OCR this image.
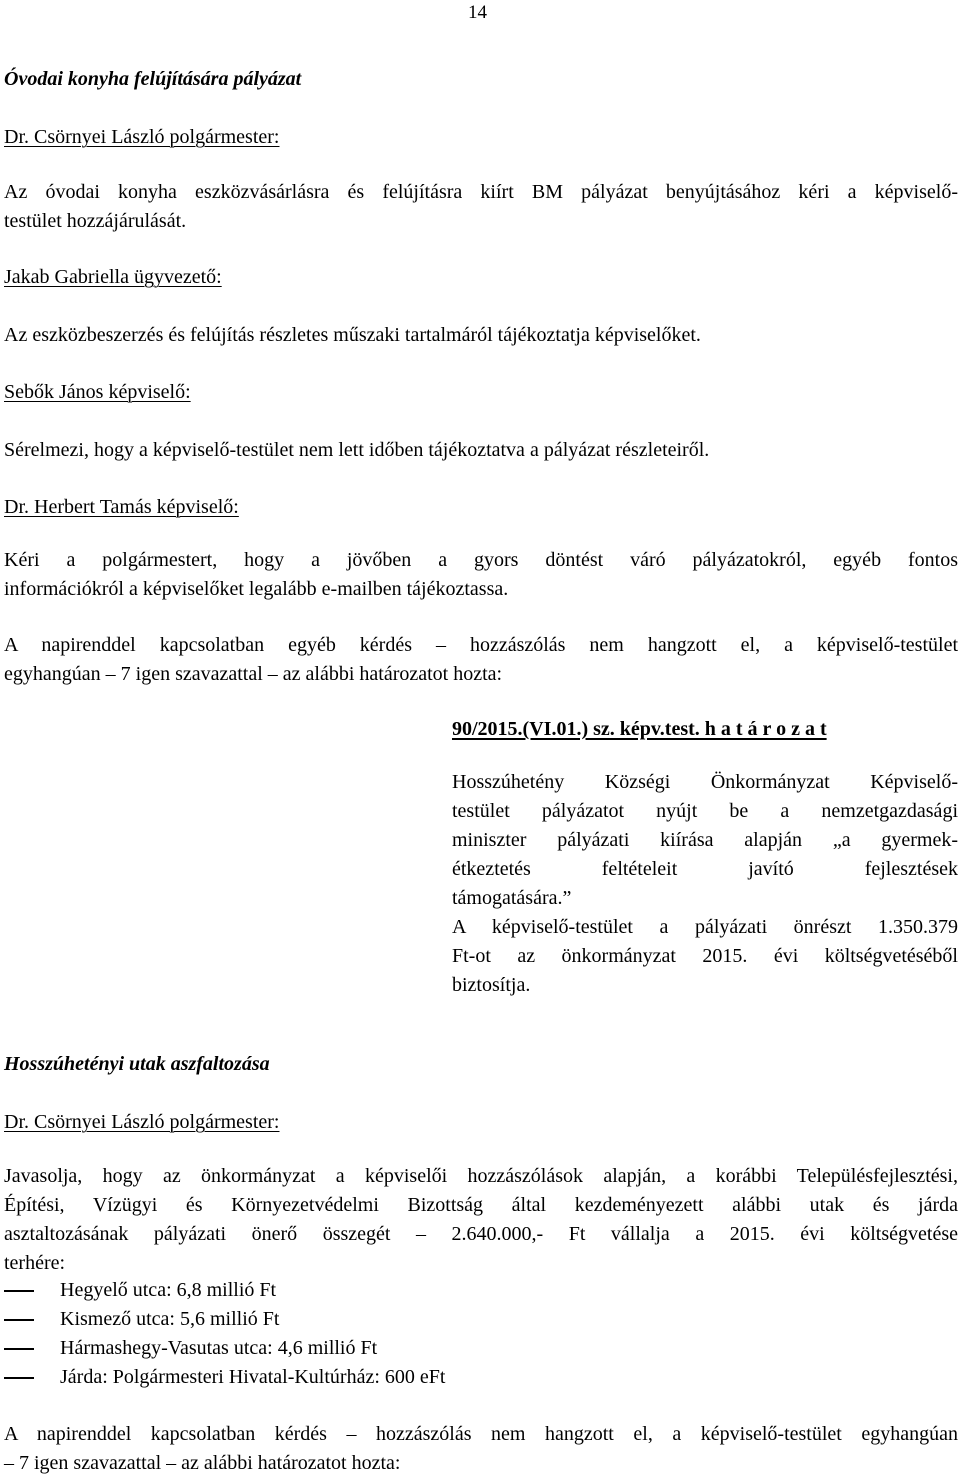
14
Óvodai konyha felújítására pályázat
Dr. Csörnyei László polgármester:
Az óvodai konyha eszközvásárlásra és felújításra kiírt BM pályázat benyújtásához kéri a képviselő-
testület hozzájárulását.
Jakab Gabriella ügyvezető:
Az eszközbeszerzés és felújítás részletes műszaki tartalmáról tájékoztatja képviselőket.
Sebők János képviselő:
Sérelmezi, hogy a képviselő-testület nem lett időben tájékoztatva a pályázat részleteiről.
Dr. Herbert Tamás képviselő:
Kéri a polgármestert, hogy a jövőben a gyors döntést váró pályázatokról, egyéb fontos
információkról a képviselőket legalább e-mailben tájékoztassa.
A napirenddel kapcsolatban egyéb kérdés – hozzászólás nem hangzott el, a képviselő-testület
egyhangúan – 7 igen szavazattal – az alábbi határozatot hozta:
90/2015.(VI.01.) sz. képv.test. h a t á r o z a t
Hosszúhetény Községi Önkormányzat Képviselő-
testület pályázatot nyújt be a nemzetgazdasági
miniszter pályázati kiírása alapján „a gyermek-
étkeztetés feltételeit javító fejlesztések
támogatására.”
A képviselő-testület a pályázati önrészt 1.350.379
Ft-ot az önkormányzat 2015. évi költségvetéséből
biztosítja.
Hosszúhetényi utak aszfaltozása
Dr. Csörnyei László polgármester:
Javasolja, hogy az önkormányzat a képviselői hozzászólások alapján, a korábbi Településfejlesztési,
Építési, Vízügyi és Környezetvédelmi Bizottság által kezdeményezett alábbi utak és járda
asztaltozásának pályázati önerő összegét – 2.640.000,- Ft vállalja a 2015. évi költségvetése
terhére:
Hegyelő utca: 6,8 millió Ft
Kismező utca: 5,6 millió Ft
Hármashegy-Vasutas utca: 4,6 millió Ft
Járda: Polgármesteri Hivatal-Kultúrház: 600 eFt
A napirenddel kapcsolatban kérdés – hozzászólás nem hangzott el, a képviselő-testület egyhangúan
– 7 igen szavazattal – az alábbi határozatot hozta:
